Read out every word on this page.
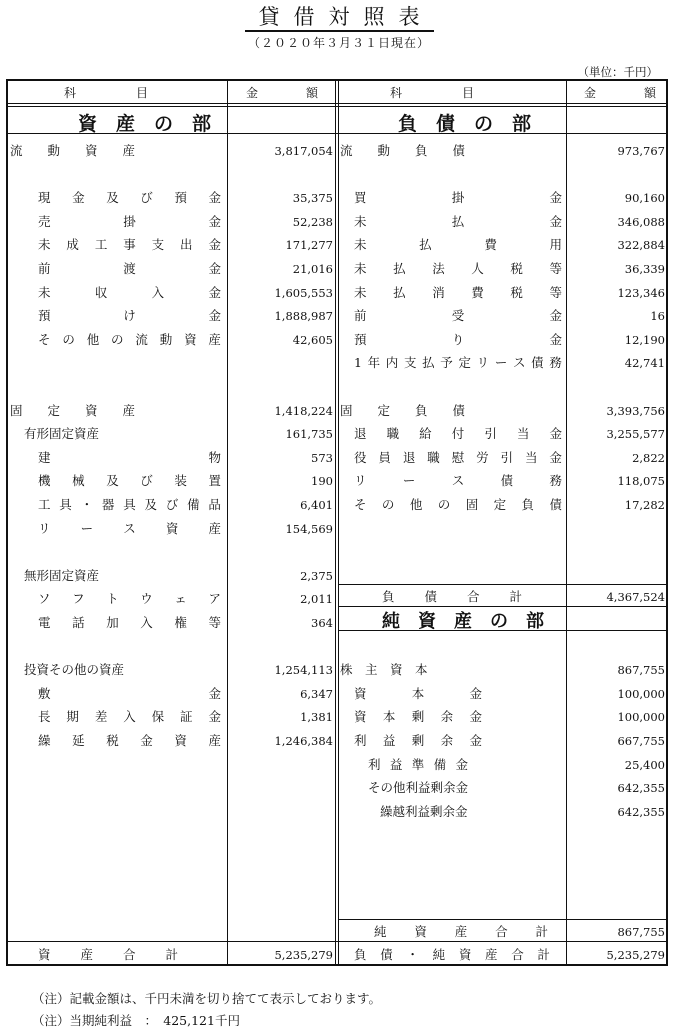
貸借対照表
（２０２０年３月３１日現在）
（単位：千円）
科　　　　　目	金　　　　額	科　　　　　目	金　　　　額
資　産　の　部	負　債　の　部
流　　動　　資　　産	3,817,054
現 金 及 び 預 金	35,375
売	掛	金	52,238
未 成 工 事 支 出 金	171,277
前	渡	金	21,016
未	収	入	金	1,605,553
預	け	金	1,888,987
そ の 他 の 流 動 資 産	42,605
固　　定　　資　　産	1,418,224
有形固定資産	161,735
建	物	573
機 械 及 び 装 置	190
工 具 ・ 器 具 及 び 備 品	6,401
リ ー ス 資 産	154,569
無形固定資産	2,375
ソ フ ト ウ ェ ア	2,011
電 話 加 入 権 等	364
投資その他の資産	1,254,113
敷	金	6,347
長 期 差 入 保 証 金	1,381
繰 延 税 金 資 産	1,246,384
資 産 合 計	5,235,279
流　　動　　負　　債	973,767
買	掛	金	90,160
未	払	金	346,088
未	払	費	用	322,884
未 払 法 人 税 等	36,339
未 払 消 費 税 等	123,346
前	受	金	16
預	り	金	12,190
1 年 内 支 払 予 定 リ ー ス 債 務	42,741
固　　定　　負　　債	3,393,756
退 職 給 付 引 当 金	3,255,577
役 員 退 職 慰 労 引 当 金	2,822
リ	ー	ス	債	務	118,075
そ の 他 の 固 定 負 債	17,282
負 債 合 計	4,367,524
純　資　産　の　部
株　主　資　本	867,755
資	本	金	100,000
資 本 剰 余 金	100,000
利 益 剰 余 金	667,755
利 益 準 備 金	25,400
その他利益剰余金	642,355
繰越利益剰余金	642,355
純 資 産 合 計	867,755
負 債 ・ 純 資 産 合 計	5,235,279
（注）記載金額は、千円未満を切り捨てて表示しております。
（注）当期純利益　：　425,121千円
